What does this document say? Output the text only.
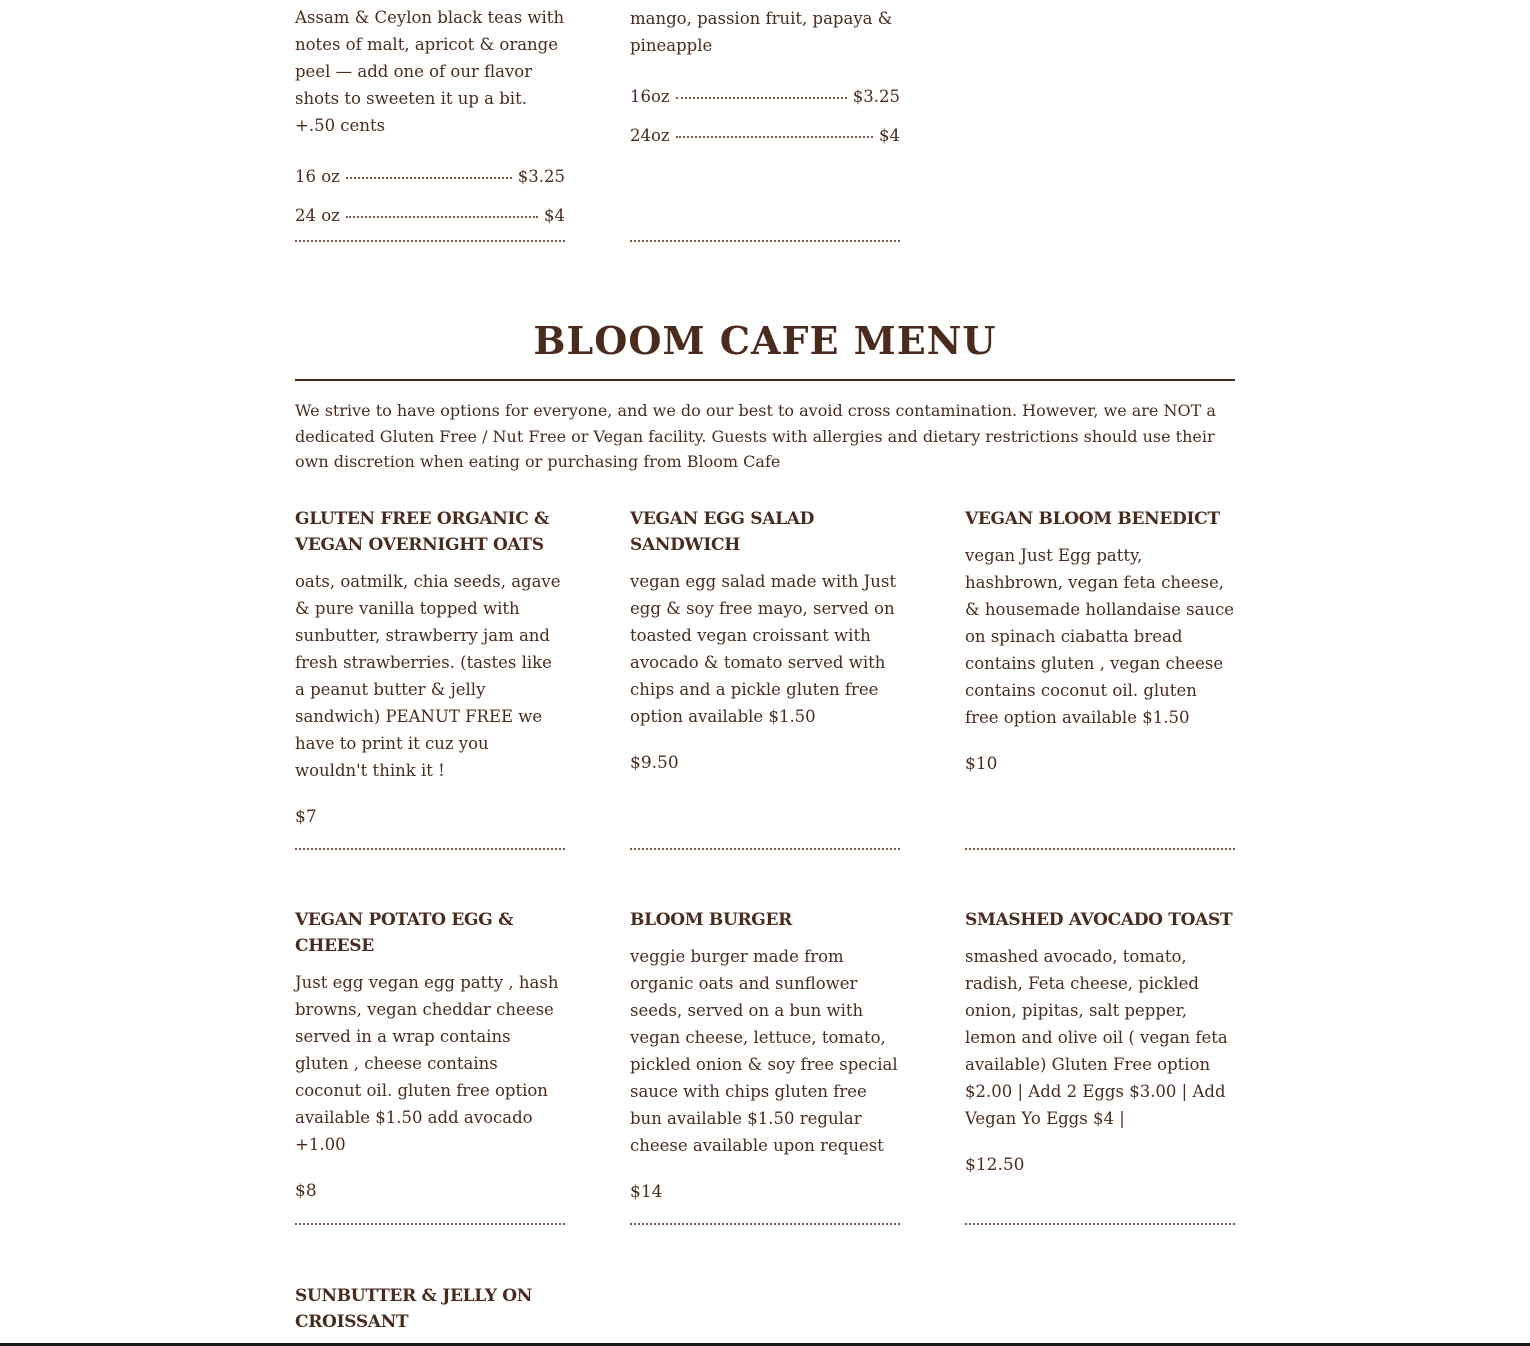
Assam & Ceylon black teas with notes of malt, apricot & orange peel — add one of our flavor shots to sweeten it up a bit. +.50 cents

16 oz	$3.25
24 oz	$4

mango, passion fruit, papaya & pineapple

16oz	$3.25
24oz	$4
BLOOM CAFE MENU

We strive to have options for everyone, and we do our best to avoid cross contamination. However, we are NOT a dedicated Gluten Free / Nut Free or Vegan facility. Guests with allergies and dietary restrictions should use their own discretion when eating or purchasing from Bloom Cafe

GLUTEN FREE ORGANIC & VEGAN OVERNIGHT OATS

oats, oatmilk, chia seeds, agave & pure vanilla topped with sunbutter, strawberry jam and fresh strawberries. (tastes like a peanut butter & jelly sandwich) PEANUT FREE we have to print it cuz you wouldn't think it !

$7

VEGAN EGG SALAD SANDWICH

vegan egg salad made with Just egg & soy free mayo, served on toasted vegan croissant with avocado & tomato served with chips and a pickle gluten free option available $1.50

$9.50

VEGAN BLOOM BENEDICT

vegan Just Egg patty, hashbrown, vegan feta cheese, & housemade hollandaise sauce on spinach ciabatta bread contains gluten , vegan cheese contains coconut oil. gluten free option available $1.50

$10

VEGAN POTATO EGG & CHEESE

Just egg vegan egg patty , hash browns, vegan cheddar cheese served in a wrap contains gluten , cheese contains coconut oil. gluten free option available $1.50 add avocado +1.00

$8

BLOOM BURGER

veggie burger made from organic oats and sunflower seeds, served on a bun with vegan cheese, lettuce, tomato, pickled onion & soy free special sauce with chips gluten free bun available $1.50 regular cheese available upon request

$14

SMASHED AVOCADO TOAST

smashed avocado, tomato, radish, Feta cheese, pickled onion, pipitas, salt pepper, lemon and olive oil ( vegan feta available) Gluten Free option $2.00 | Add 2 Eggs $3.00 | Add Vegan Yo Eggs $4 |

$12.50

SUNBUTTER & JELLY ON CROISSANT
